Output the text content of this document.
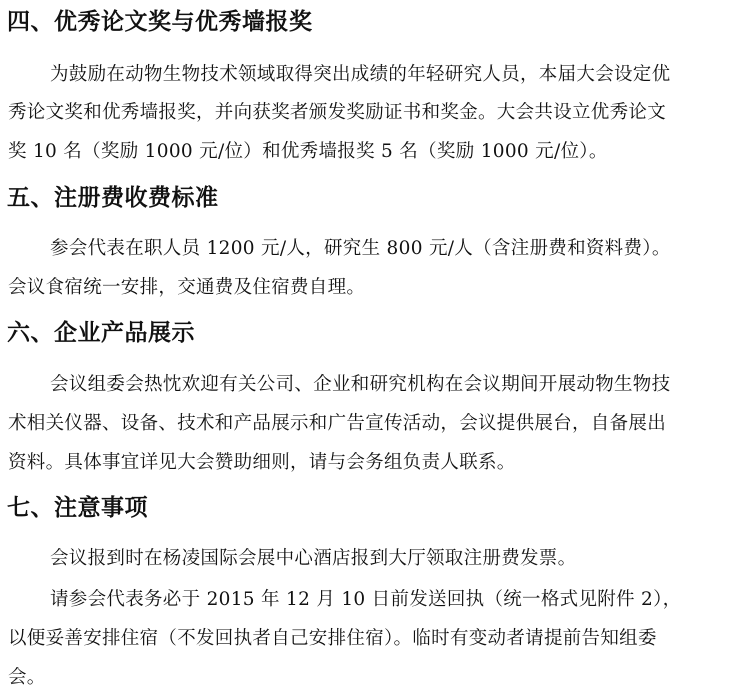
四、优秀论文奖与优秀墙报奖
为鼓励在动物生物技术领域取得突出成绩的年轻研究人员，本届大会设定优
秀论文奖和优秀墙报奖，并向获奖者颁发奖励证书和奖金。大会共设立优秀论文
奖 10 名（奖励 1000 元/位）和优秀墙报奖 5 名（奖励 1000 元/位）。
五、注册费收费标准
参会代表在职人员 1200 元/人，研究生 800 元/人（含注册费和资料费）。
会议食宿统一安排，交通费及住宿费自理。
六、企业产品展示
会议组委会热忱欢迎有关公司、企业和研究机构在会议期间开展动物生物技
术相关仪器、设备、技术和产品展示和广告宣传活动，会议提供展台，自备展出
资料。具体事宜详见大会赞助细则，请与会务组负责人联系。
七、注意事项
会议报到时在杨凌国际会展中心酒店报到大厅领取注册费发票。
请参会代表务必于 2015 年 12 月 10 日前发送回执（统一格式见附件 2），
以便妥善安排住宿（不发回执者自己安排住宿）。临时有变动者请提前告知组委
会。
